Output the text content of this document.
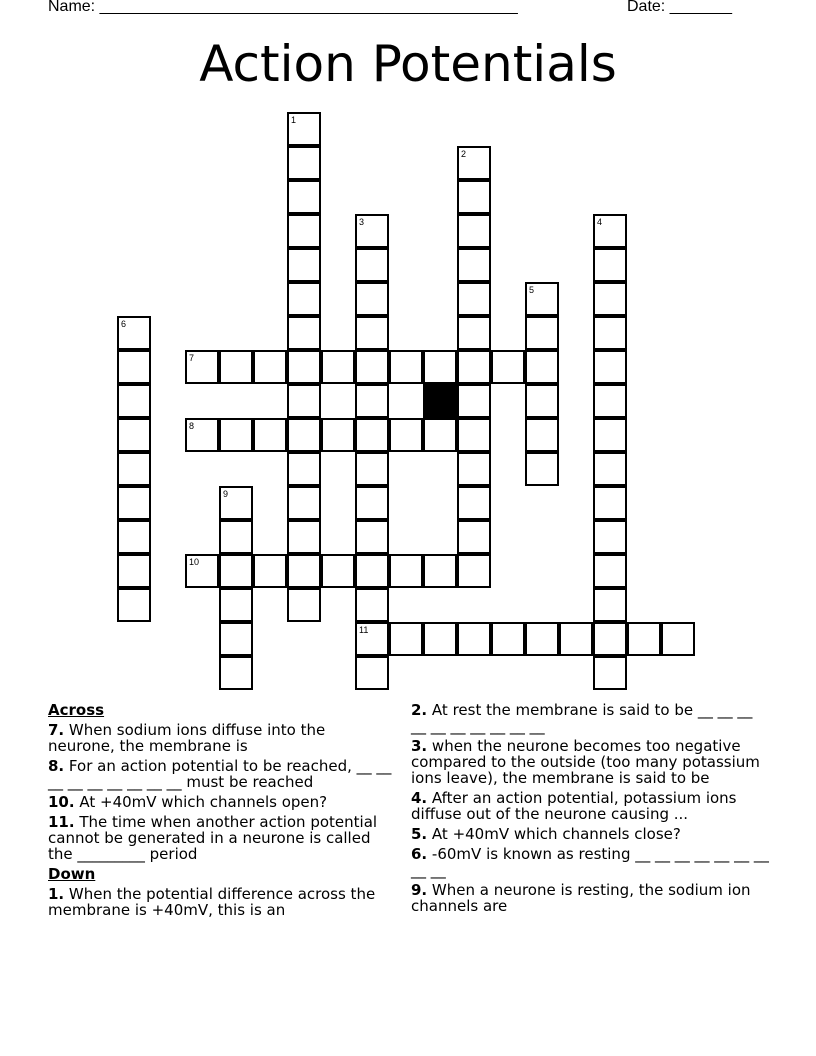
Name: _______________________________________________	Date: _______
Action Potentials
1
2
3
11
4
5
6
9
7
8
10
Across
7. When sodium ions diffuse into the neurone, the membrane is
8. For an action potential to be reached, __ __ __ __ __ __ __ __ __ must be reached
10. At +40mV which channels open?
11. The time when another action potential cannot be generated in a neurone is called the _________ period
Down
1. When the potential difference across the membrane is +40mV, this is an
2. At rest the membrane is said to be __ __ __ __ __ __ __ __ __ __
3. when the neurone becomes too negative compared to the outside (too many potassium ions leave), the membrane is said to be
4. After an action potential, potassium ions diffuse out of the neurone causing ...
5. At +40mV which channels close?
6. -60mV is known as resting __ __ __ __ __ __ __ __ __
9. When a neurone is resting, the sodium ion channels are
